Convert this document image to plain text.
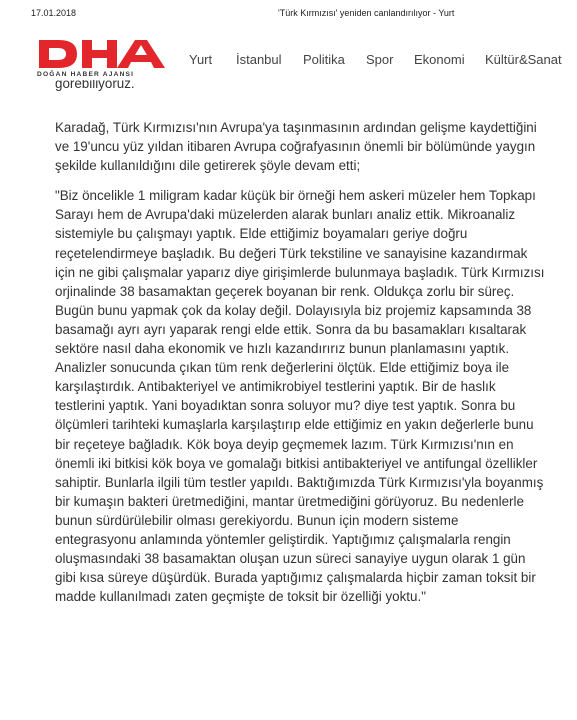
17.01.2018	'Türk Kırmızısı' yeniden canlandırılıyor - Yurt
DOĞAN HABER AJANSI
Yurt İstanbul Politika Spor Ekonomi Kültür&Sanat
görebiliyoruz.

Karadağ, Türk Kırmızısı'nın Avrupa'ya taşınmasının ardından gelişme kaydettiğini
ve 19'uncu yüz yıldan itibaren Avrupa coğrafyasının önemli bir bölümünde yaygın
şekilde kullanıldığını dile getirerek şöyle devam etti;

"Biz öncelikle 1 miligram kadar küçük bir örneği hem askeri müzeler hem Topkapı
Sarayı hem de Avrupa'daki müzelerden alarak bunları analiz ettik. Mikroanaliz
sistemiyle bu çalışmayı yaptık. Elde ettiğimiz boyamaları geriye doğru
reçetelendirmeye başladık. Bu değeri Türk tekstiline ve sanayisine kazandırmak
için ne gibi çalışmalar yaparız diye girişimlerde bulunmaya başladık. Türk Kırmızısı
orjinalinde 38 basamaktan geçerek boyanan bir renk. Oldukça zorlu bir süreç.
Bugün bunu yapmak çok da kolay değil. Dolayısıyla biz projemiz kapsamında 38
basamağı ayrı ayrı yaparak rengi elde ettik. Sonra da bu basamakları kısaltarak
sektöre nasıl daha ekonomik ve hızlı kazandırırız bunun planlamasını yaptık.
Analizler sonucunda çıkan tüm renk değerlerini ölçtük. Elde ettiğimiz boya ile
karşılaştırdık. Antibakteriyel ve antimikrobiyel testlerini yaptık. Bir de haslık
testlerini yaptık. Yani boyadıktan sonra soluyor mu? diye test yaptık. Sonra bu
ölçümleri tarihteki kumaşlarla karşılaştırıp elde ettiğimiz en yakın değerlerle bunu
bir reçeteye bağladık. Kök boya deyip geçmemek lazım. Türk Kırmızısı'nın en
önemli iki bitkisi kök boya ve gomalağı bitkisi antibakteriyel ve antifungal özellikler
sahiptir. Bunlarla ilgili tüm testler yapıldı. Baktığımızda Türk Kırmızısı'yla boyanmış
bir kumaşın bakteri üretmediğini, mantar üretmediğini görüyoruz. Bu nedenlerle
bunun sürdürülebilir olması gerekiyordu. Bunun için modern sisteme
entegrasyonu anlamında yöntemler geliştirdik. Yaptığımız çalışmalarla rengin
oluşmasındaki 38 basamaktan oluşan uzun süreci sanayiye uygun olarak 1 gün
gibi kısa süreye düşürdük. Burada yaptığımız çalışmalarda hiçbir zaman toksit bir
madde kullanılmadı zaten geçmişte de toksit bir özelliği yoktu."
